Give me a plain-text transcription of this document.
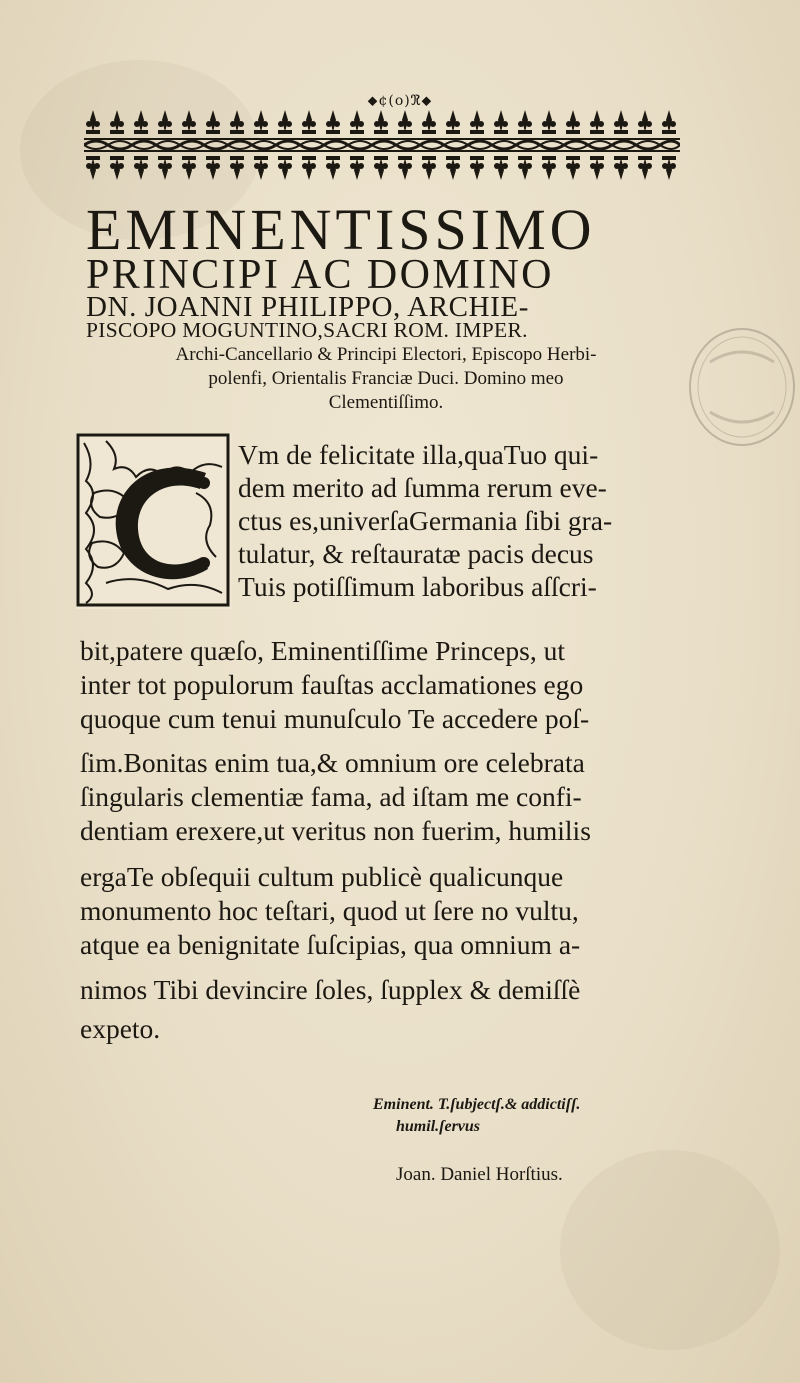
⬥¢(o)ℜ⬥
EMINENTISSIMO
PRINCIPI AC DOMINO
DN. JOANNI PHILIPPO, ARCHIE-
PISCOPO MOGUNTINO,SACRI ROM. IMPER.
Archi-Cancellario & Principi Electori, Episcopo Herbi-
polenfi, Orientalis Franciæ Duci. Domino meo
Clementiſſimo.
Vm de felicitate illa,quaTuo qui-
dem merito ad ſumma rerum eve-
ctus es,univerſaGermania ſibi gra-
tulatur, & reſtauratæ pacis decus
Tuis potiſſimum laboribus aſſcri-
bit,patere quæſo, Eminentiſſime Princeps, ut
inter tot populorum fauſtas acclamationes ego
quoque cum tenui munuſculo Te accedere poſ-
ſim.Bonitas enim tua,& omnium ore celebrata
ſingularis clementiæ fama, ad iſtam me confi-
dentiam erexere,ut veritus non fuerim, humilis
ergaTe obſequii cultum publicè qualicunque
monumento hoc teſtari, quod ut ſere no vultu,
atque ea benignitate ſuſcipias, qua omnium a-
nimos Tibi devincire ſoles, ſupplex & demiſſè
expeto.
Eminent. T.ſubjectſ.& addictiſſ.
humil.ſervus
Joan. Daniel Horſtius.
